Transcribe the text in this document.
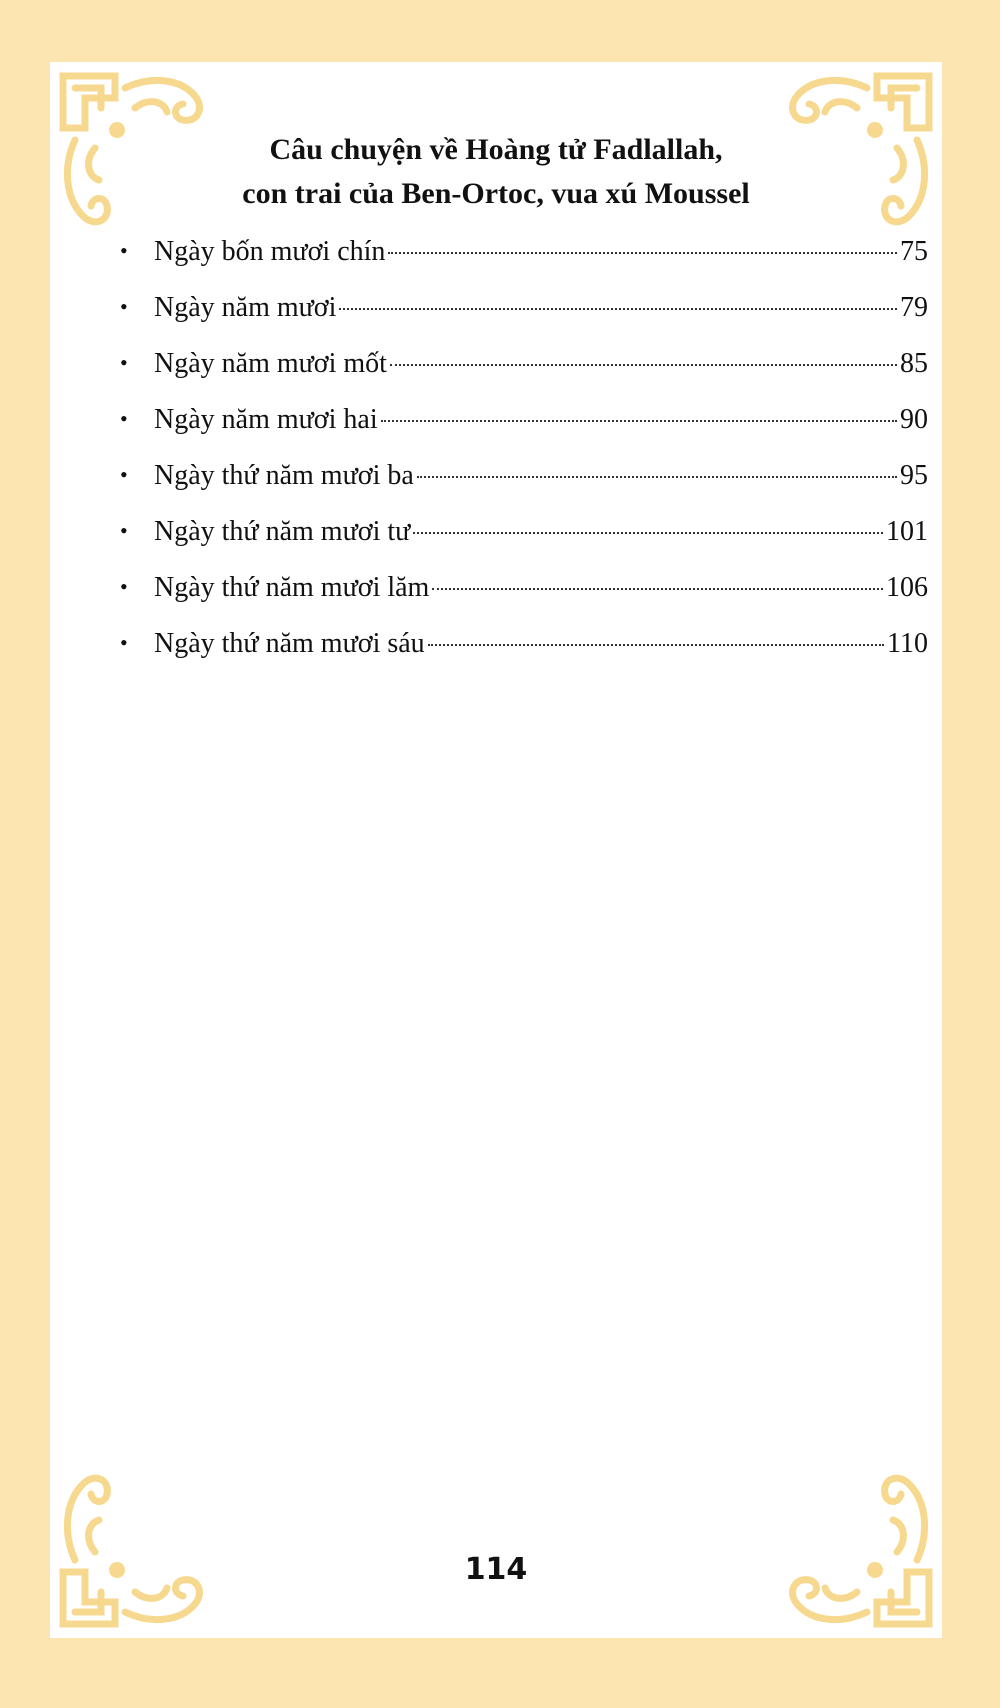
Câu chuyện về Hoàng tử Fadlallah,
con trai của Ben-Ortoc, vua xú Moussel
• Ngày bốn mươi chín	75
• Ngày năm mươi	79
• Ngày năm mươi mốt	85
• Ngày năm mươi hai	90
• Ngày thứ năm mươi ba	95
• Ngày thứ năm mươi tư	101
• Ngày thứ năm mươi lăm	106
• Ngày thứ năm mươi sáu	110
114
